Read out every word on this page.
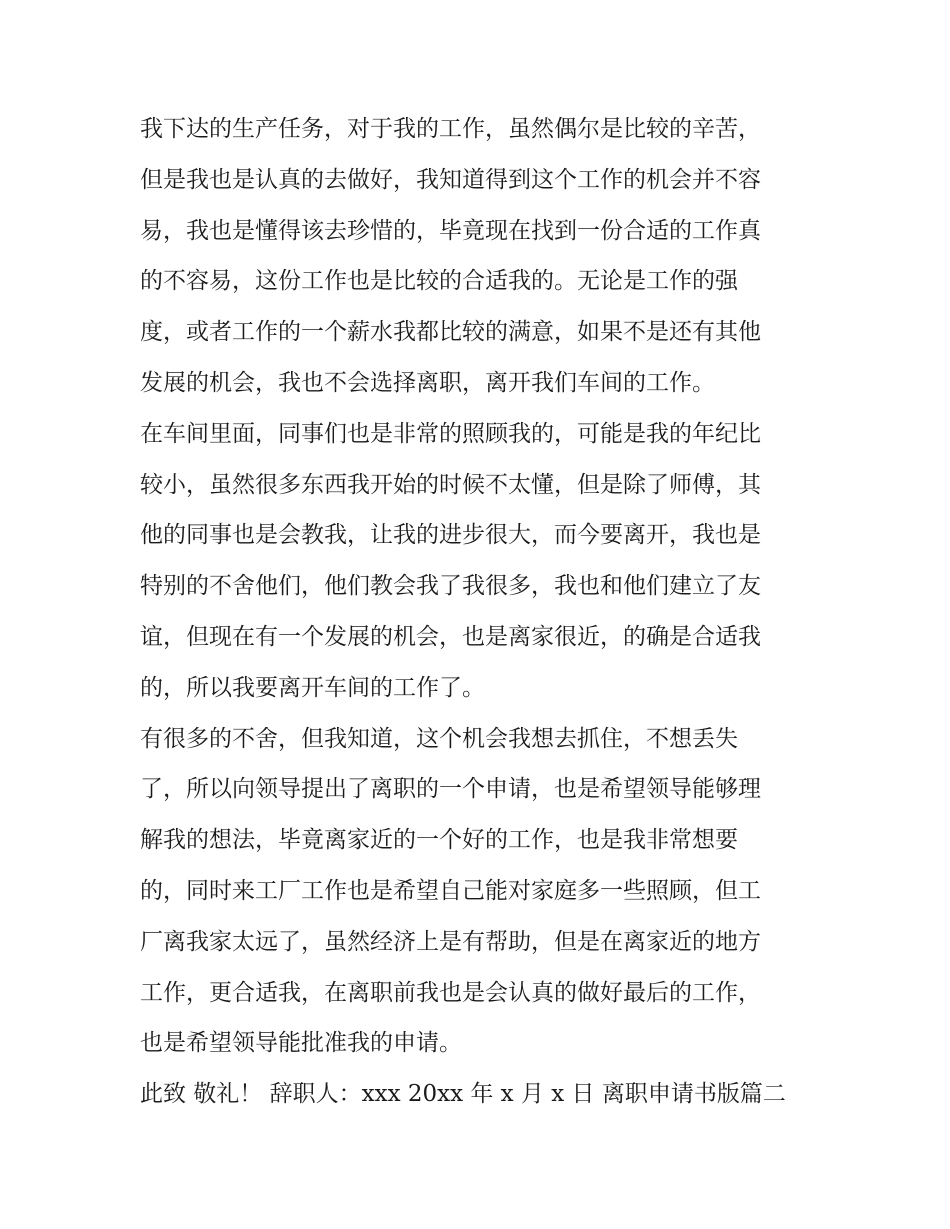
我下达的生产任务，对于我的工作，虽然偶尔是比较的辛苦，
但是我也是认真的去做好，我知道得到这个工作的机会并不容
易，我也是懂得该去珍惜的，毕竟现在找到一份合适的工作真
的不容易，这份工作也是比较的合适我的。无论是工作的强
度，或者工作的一个薪水我都比较的满意，如果不是还有其他
发展的机会，我也不会选择离职，离开我们车间的工作。
在车间里面，同事们也是非常的照顾我的，可能是我的年纪比
较小，虽然很多东西我开始的时候不太懂，但是除了师傅，其
他的同事也是会教我，让我的进步很大，而今要离开，我也是
特别的不舍他们，他们教会我了我很多，我也和他们建立了友
谊，但现在有一个发展的机会，也是离家很近，的确是合适我
的，所以我要离开车间的工作了。
有很多的不舍，但我知道，这个机会我想去抓住，不想丢失
了，所以向领导提出了离职的一个申请，也是希望领导能够理
解我的想法，毕竟离家近的一个好的工作，也是我非常想要
的，同时来工厂工作也是希望自己能对家庭多一些照顾，但工
厂离我家太远了，虽然经济上是有帮助，但是在离家近的地方
工作，更合适我，在离职前我也是会认真的做好最后的工作，
也是希望领导能批准我的申请。
此致 敬礼！ 辞职人：xxx 20xx 年 x 月 x 日 离职申请书版篇二
